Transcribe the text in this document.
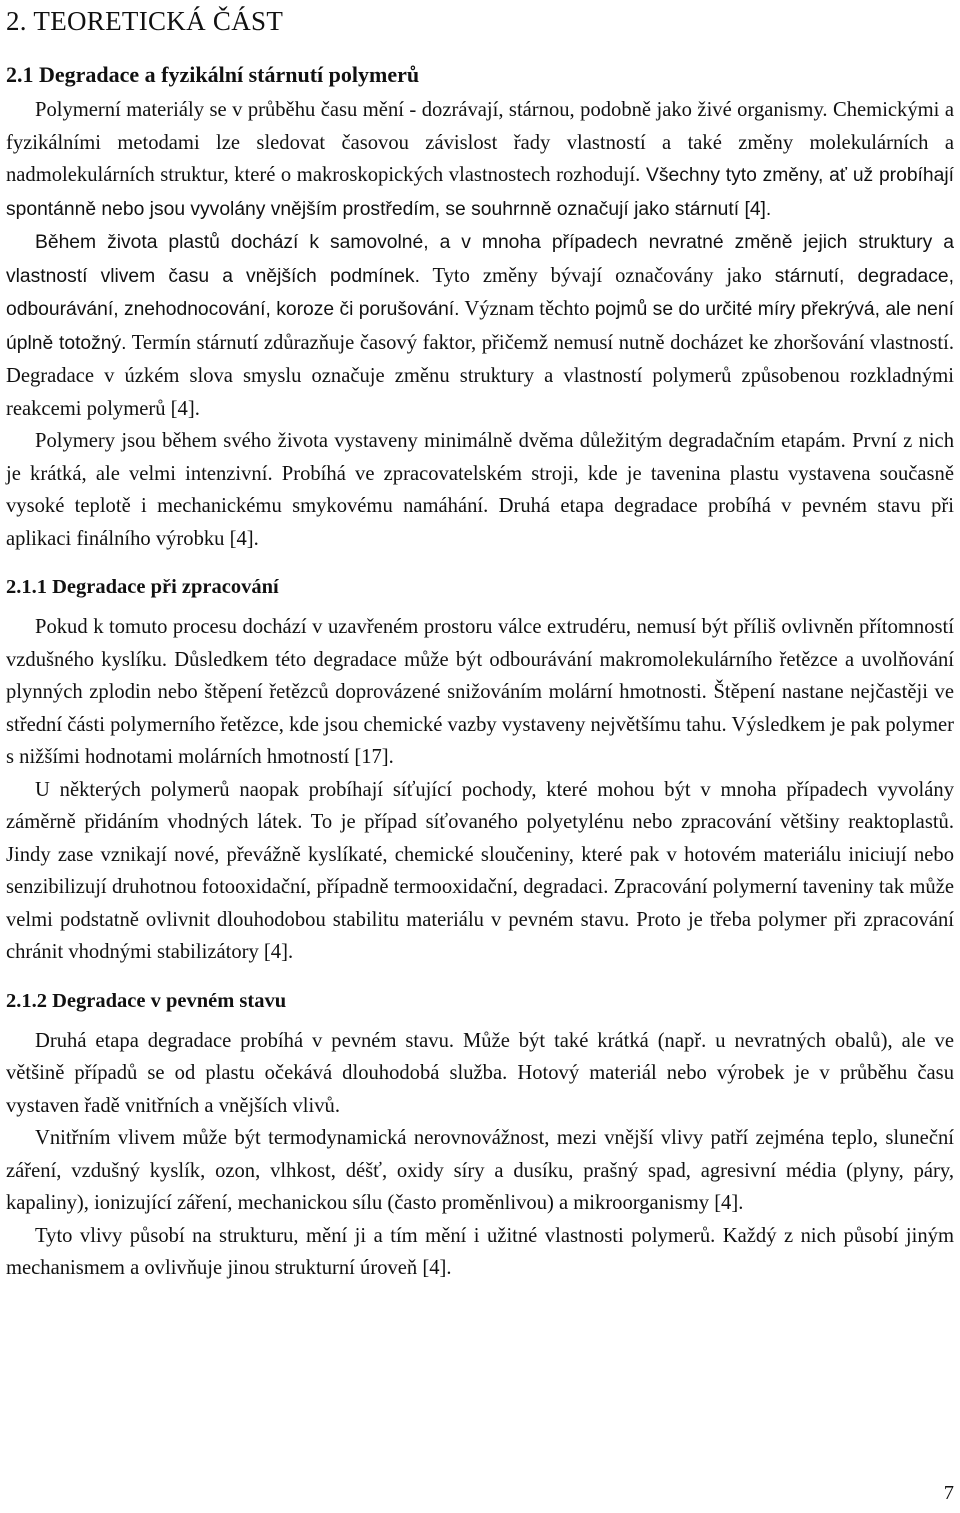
2. TEORETICKÁ ČÁST
2.1 Degradace a fyzikální stárnutí polymerů

Polymerní materiály se v průběhu času mění - dozrávají, stárnou, podobně jako živé organismy. Chemickými a fyzikálními metodami lze sledovat časovou závislost řady vlastností a také změny molekulárních a nadmolekulárních struktur, které o makroskopických vlastnostech rozhodují. Všechny tyto změny, ať už probíhají spontánně nebo jsou vyvolány vnějším prostředím, se souhrnně označují jako stárnutí [4].

Během života plastů dochází k samovolné, a v mnoha případech nevratné změně jejich struktury a vlastností vlivem času a vnějších podmínek. Tyto změny bývají označovány jako stárnutí, degradace, odbourávání, znehodnocování, koroze či porušování. Význam těchto pojmů se do určité míry překrývá, ale není úplně totožný. Termín stárnutí zdůrazňuje časový faktor, přičemž nemusí nutně docházet ke zhoršování vlastností. Degradace v úzkém slova smyslu označuje změnu struktury a vlastností polymerů způsobenou rozkladnými reakcemi polymerů [4].

Polymery jsou během svého života vystaveny minimálně dvěma důležitým degradačním etapám. První z nich je krátká, ale velmi intenzivní. Probíhá ve zpracovatelském stroji, kde je tavenina plastu vystavena současně vysoké teplotě i mechanickému smykovému namáhání. Druhá etapa degradace probíhá v pevném stavu při aplikaci finálního výrobku [4].

2.1.1 Degradace při zpracování

Pokud k tomuto procesu dochází v uzavřeném prostoru válce extrudéru, nemusí být příliš ovlivněn přítomností vzdušného kyslíku. Důsledkem této degradace může být odbourávání makromolekulárního řetězce a uvolňování plynných zplodin nebo štěpení řetězců doprovázené snižováním molární hmotnosti. Štěpení nastane nejčastěji ve střední části polymerního řetězce, kde jsou chemické vazby vystaveny největšímu tahu. Výsledkem je pak polymer s nižšími hodnotami molárních hmotností [17].

U některých polymerů naopak probíhají síťující pochody, které mohou být v mnoha případech vyvolány záměrně přidáním vhodných látek. To je případ síťovaného polyetylénu nebo zpracování většiny reaktoplastů. Jindy zase vznikají nové, převážně kyslíkaté, chemické sloučeniny, které pak v hotovém materiálu iniciují nebo senzibilizují druhotnou fotooxidační, případně termooxidační, degradaci. Zpracování polymerní taveniny tak může velmi podstatně ovlivnit dlouhodobou stabilitu materiálu v pevném stavu. Proto je třeba polymer při zpracování chránit vhodnými stabilizátory [4].

2.1.2 Degradace v pevném stavu

Druhá etapa degradace probíhá v pevném stavu. Může být také krátká (např. u nevratných obalů), ale ve většině případů se od plastu očekává dlouhodobá služba. Hotový materiál nebo výrobek je v průběhu času vystaven řadě vnitřních a vnějších vlivů.

Vnitřním vlivem může být termodynamická nerovnovážnost, mezi vnější vlivy patří zejména teplo, sluneční záření, vzdušný kyslík, ozon, vlhkost, déšť, oxidy síry a dusíku, prašný spad, agresivní média (plyny, páry, kapaliny), ionizující záření, mechanickou sílu (často proměnlivou) a mikroorganismy [4].

Tyto vlivy působí na strukturu, mění ji a tím mění i užitné vlastnosti polymerů. Každý z nich působí jiným mechanismem a ovlivňuje jinou strukturní úroveň [4].

7
